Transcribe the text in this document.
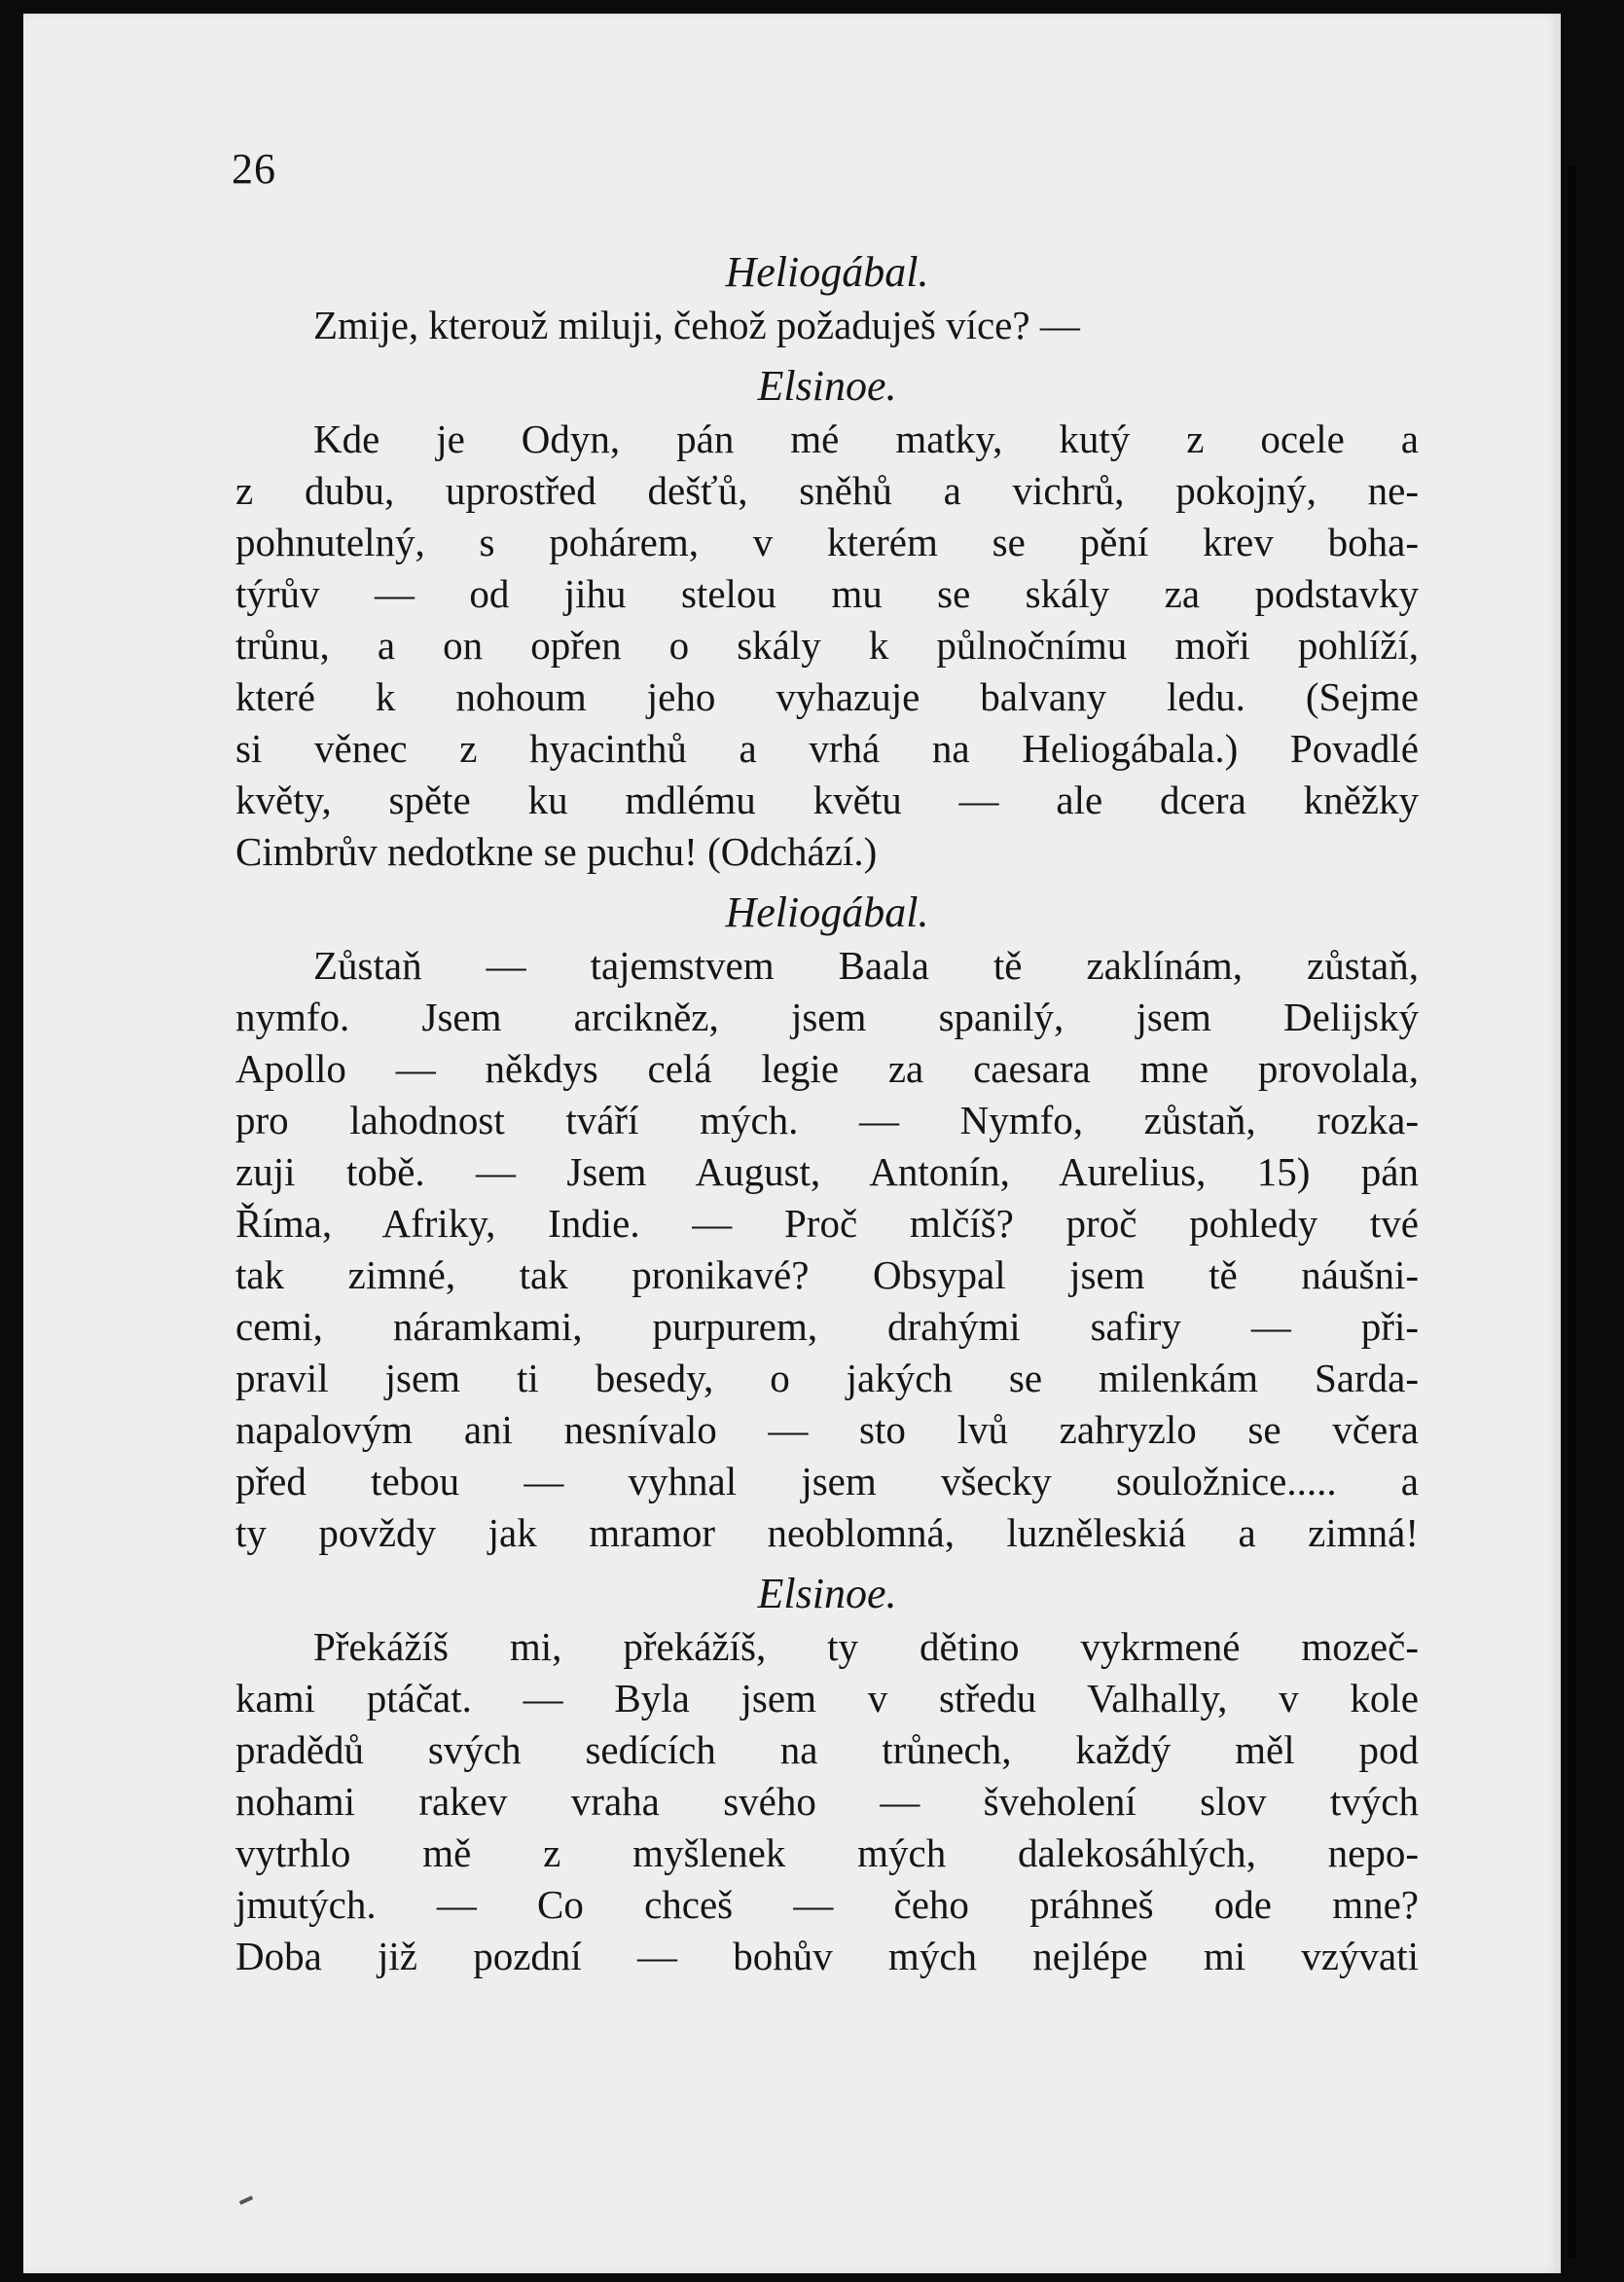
26
Heliogábal.
Zmije, kterouž miluji, čehož požaduješ více? —
Elsinoe.
Kde je Odyn, pán mé matky, kutý z ocele a
z dubu, uprostřed dešťů, sněhů a vichrů, pokojný, ne-
pohnutelný, s pohárem, v kterém se pění krev boha-
týrův — od jihu stelou mu se skály za podstavky
trůnu, a on opřen o skály k půlnočnímu moři pohlíží,
které k nohoum jeho vyhazuje balvany ledu. (Sejme
si věnec z hyacinthů a vrhá na Heliogábala.) Povadlé
květy, spěte ku mdlému květu — ale dcera kněžky
Cimbrův nedotkne se puchu! (Odchází.)
Heliogábal.
Zůstaň — tajemstvem Baala tě zaklínám, zůstaň,
nymfo. Jsem arcikněz, jsem spanilý, jsem Delijský
Apollo — někdys celá legie za caesara mne provolala,
pro lahodnost tváří mých. — Nymfo, zůstaň, rozka-
zuji tobě. — Jsem August, Antonín, Aurelius, 15) pán
Říma, Afriky, Indie. — Proč mlčíš? proč pohledy tvé
tak zimné, tak pronikavé? Obsypal jsem tě náušni-
cemi, náramkami, purpurem, drahými safiry — při-
pravil jsem ti besedy, o jakých se milenkám Sarda-
napalovým ani nesnívalo — sto lvů zahryzlo se včera
před tebou — vyhnal jsem všecky souložnice..... a
ty povždy jak mramor neoblomná, luzněleskiá a zimná!
Elsinoe.
Překážíš mi, překážíš, ty dětino vykrmené mozeč-
kami ptáčat. — Byla jsem v středu Valhally, v kole
pradědů svých sedících na trůnech, každý měl pod
nohami rakev vraha svého — šveholení slov tvých
vytrhlo mě z myšlenek mých dalekosáhlých, nepo-
jmutých. — Co chceš — čeho práhneš ode mne?
Doba již pozdní — bohův mých nejlépe mi vzývati
